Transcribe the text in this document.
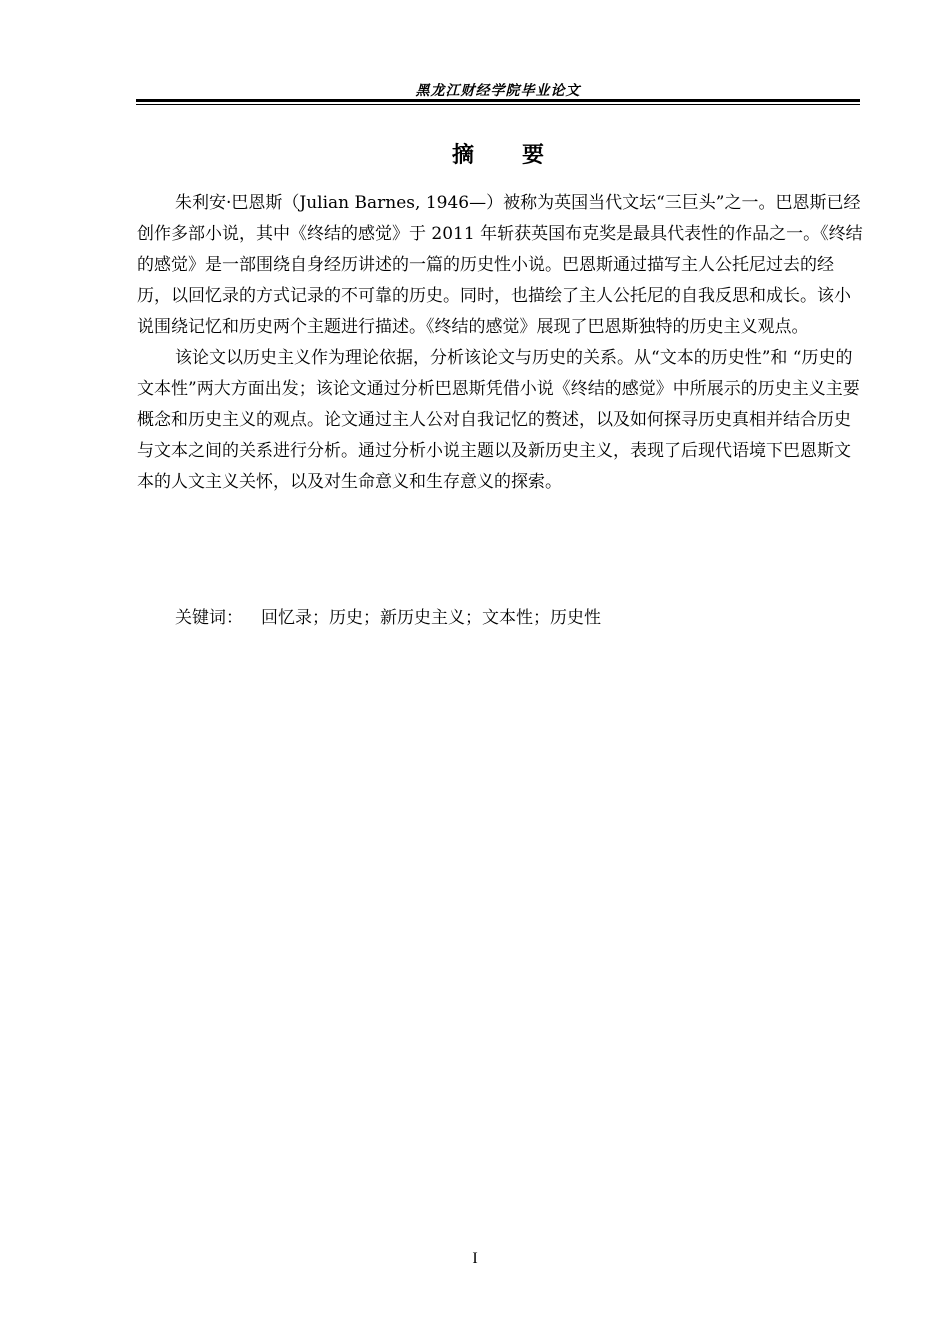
黑龙江财经学院毕业论文
摘 要

朱利安·巴恩斯（Julian Barnes, 1946—）被称为英国当代文坛“三巨头”之一。巴恩斯已经创作多部小说，其中《终结的感觉》于 2011 年斩获英国布克奖是最具代表性的作品之一。《终结的感觉》是一部围绕自身经历讲述的一篇的历史性小说。巴恩斯通过描写主人公托尼过去的经历，以回忆录的方式记录的不可靠的历史。同时，也描绘了主人公托尼的自我反思和成长。该小说围绕记忆和历史两个主题进行描述。《终结的感觉》展现了巴恩斯独特的历史主义观点。

该论文以历史主义作为理论依据，分析该论文与历史的关系。从“文本的历史性”和 “历史的文本性”两大方面出发；该论文通过分析巴恩斯凭借小说《终结的感觉》中所展示的历史主义主要概念和历史主义的观点。论文通过主人公对自我记忆的赘述，以及如何探寻历史真相并结合历史与文本之间的关系进行分析。通过分析小说主题以及新历史主义，表现了后现代语境下巴恩斯文本的人文主义关怀，以及对生命意义和生存意义的探索。

关键词： 回忆录；历史；新历史主义；文本性；历史性
I
